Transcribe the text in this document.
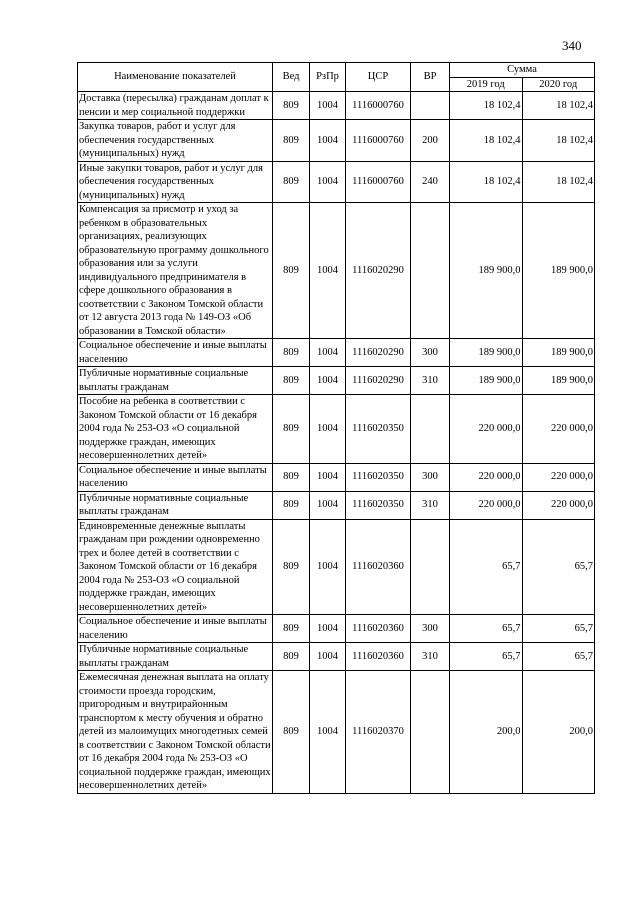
340
Наименование показателей	Вед	РзПр	ЦСР	ВР	Сумма	
					2019 год	2020 год
Доставка (пересылка) гражданам доплат к пенсии и мер социальной поддержки	809	1004	1116000760		18 102,4	18 102,4
Закупка товаров, работ и услуг для обеспечения государственных (муниципальных) нужд	809	1004	1116000760	200	18 102,4	18 102,4
Иные закупки товаров, работ и услуг для обеспечения государственных (муниципальных) нужд	809	1004	1116000760	240	18 102,4	18 102,4
Компенсация за присмотр и уход за ребенком в образовательных организациях, реализующих образовательную программу дошкольного образования или за услуги индивидуального предпринимателя в сфере дошкольного образования в соответствии с Законом Томской области от 12 августа 2013 года № 149-ОЗ «Об образовании в Томской области»	809	1004	1116020290		189 900,0	189 900,0
Социальное обеспечение и иные выплаты населению	809	1004	1116020290	300	189 900,0	189 900,0
Публичные нормативные социальные выплаты гражданам	809	1004	1116020290	310	189 900,0	189 900,0
Пособие на ребенка в соответствии с Законом Томской области от 16 декабря 2004 года № 253-ОЗ «О социальной поддержке граждан, имеющих несовершеннолетних детей»	809	1004	1116020350		220 000,0	220 000,0
Социальное обеспечение и иные выплаты населению	809	1004	1116020350	300	220 000,0	220 000,0
Публичные нормативные социальные выплаты гражданам	809	1004	1116020350	310	220 000,0	220 000,0
Единовременные денежные выплаты гражданам при рождении одновременно трех и более детей в соответствии с Законом Томской области от 16 декабря 2004 года № 253-ОЗ «О социальной поддержке граждан, имеющих несовершеннолетних детей»	809	1004	1116020360		65,7	65,7
Социальное обеспечение и иные выплаты населению	809	1004	1116020360	300	65,7	65,7
Публичные нормативные социальные выплаты гражданам	809	1004	1116020360	310	65,7	65,7
Ежемесячная денежная выплата на оплату стоимости проезда городским, пригородным и внутрирайонным транспортом к месту обучения и обратно детей из малоимущих многодетных семей в соответствии с Законом Томской области от 16 декабря 2004 года № 253-ОЗ «О социальной поддержке граждан, имеющих несовершеннолетних детей»	809	1004	1116020370		200,0	200,0
